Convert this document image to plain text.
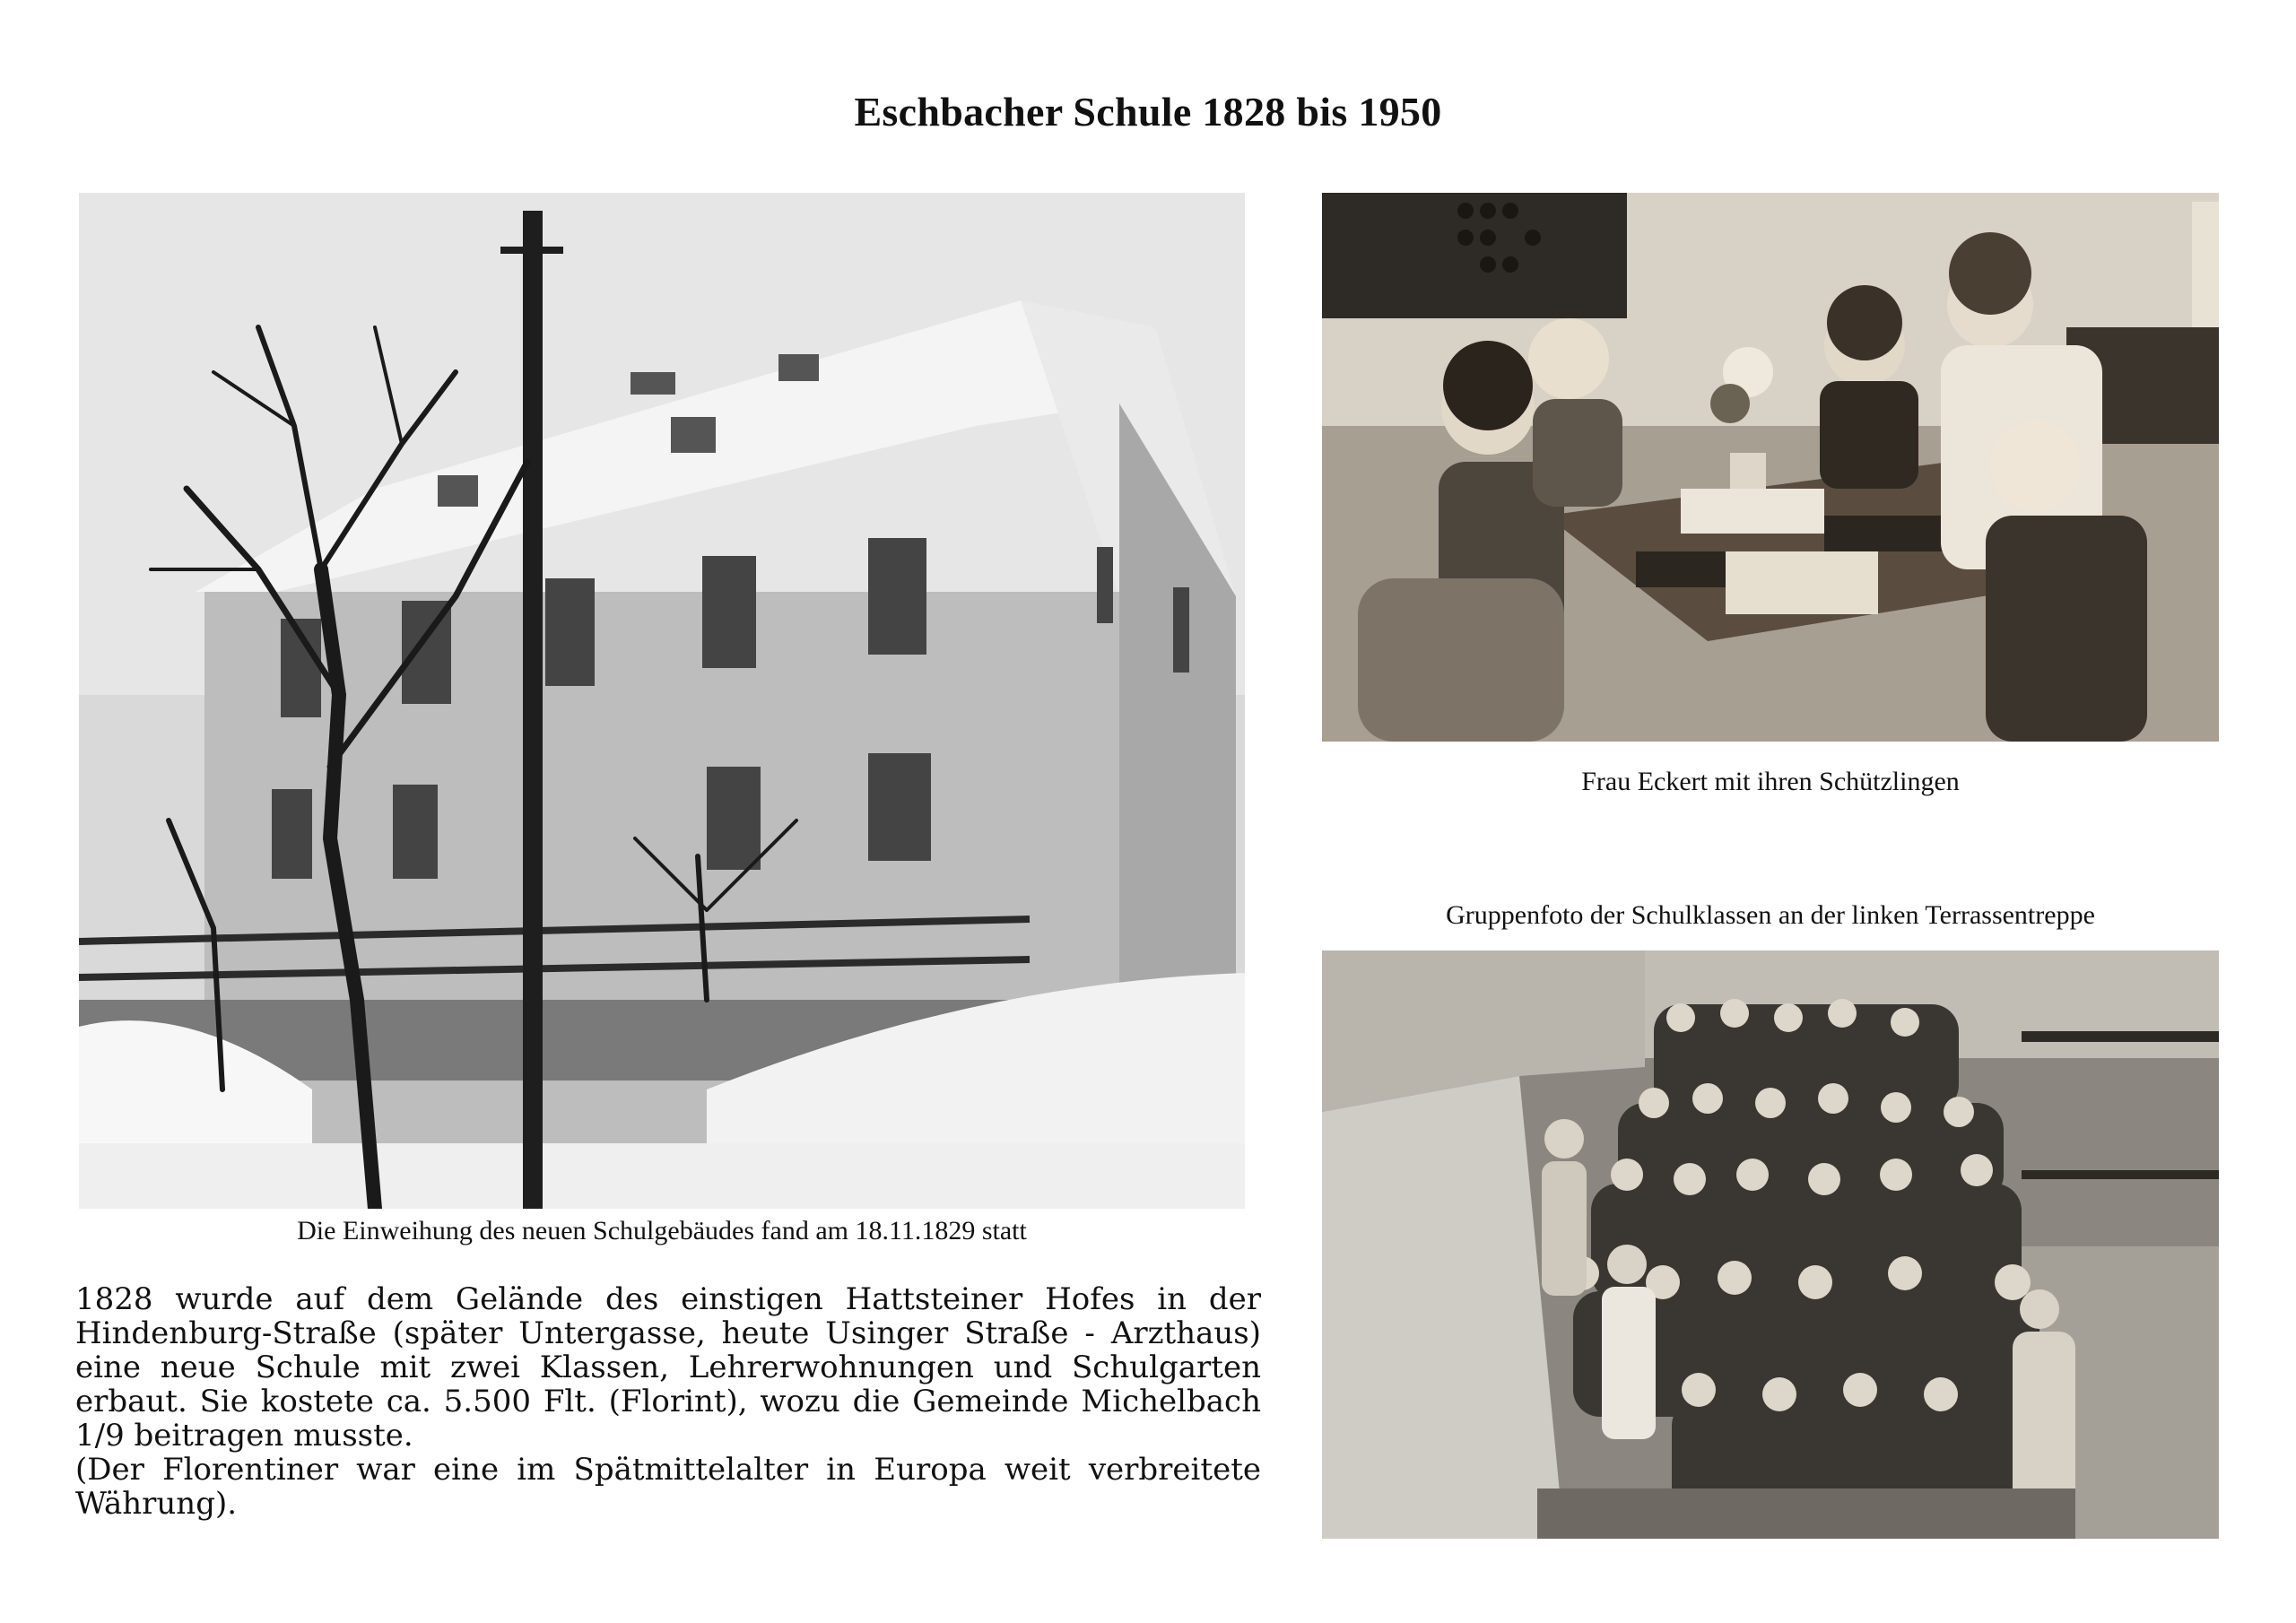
Eschbacher Schule 1828 bis 1950
Die Einweihung des neuen Schulgebäudes fand am 18.11.1829 statt
Frau Eckert mit ihren Schützlingen
Gruppenfoto der Schulklassen an der linken Terrassentreppe

1828 wurde auf dem Gelände des einstigen Hattsteiner Hofes in der Hindenburg-Straße (später Untergasse, heute Usinger Straße - Arzthaus) eine neue Schule mit zwei Klassen, Lehrerwohnungen und Schulgarten erbaut. Sie kostete ca. 5.500 Flt. (Florint), wozu die Gemeinde Michelbach 1/9 beitragen musste.

(Der Florentiner war eine im Spätmittelalter in Europa weit verbreitete Währung).
